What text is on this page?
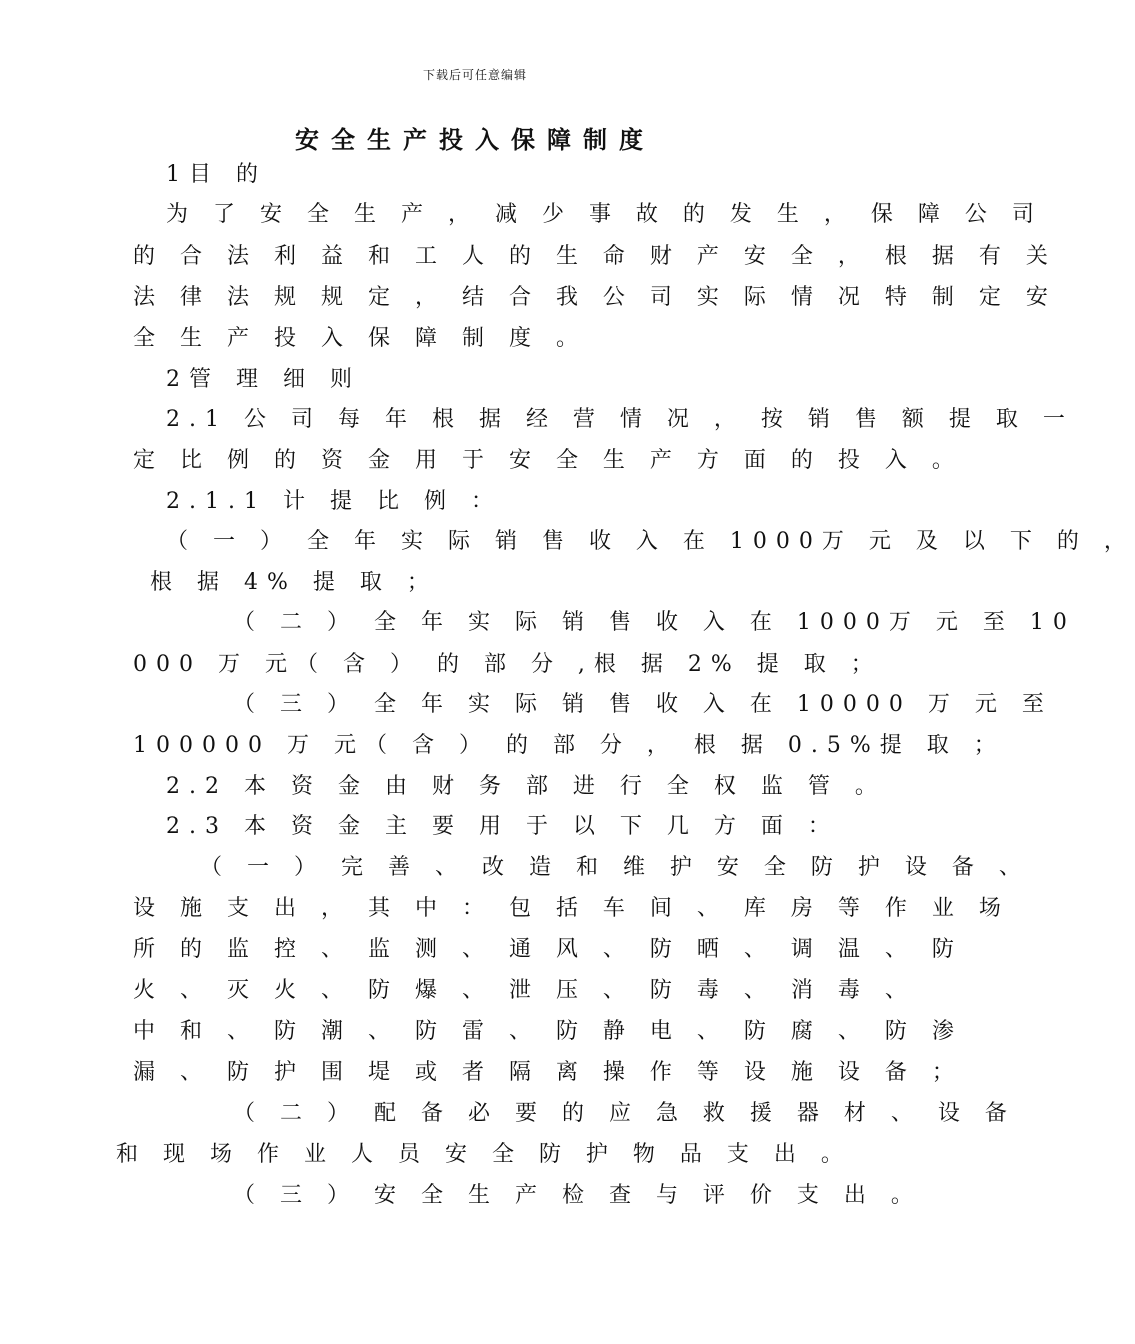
下载后可任意编辑
安全生产投入保障制度
1目 的
为 了 安 全 生 产 ， 减 少 事 故 的 发 生 ， 保 障 公 司
的 合 法 利 益 和 工 人 的 生 命 财 产 安 全 ， 根 据 有 关
法 律 法 规 规 定 ， 结 合 我 公 司 实 际 情 况 特 制 定 安
全 生 产 投 入 保 障 制 度 。
2管 理 细 则
2.1 公 司 每 年 根 据 经 营 情 况 ， 按 销 售 额 提 取 一
定 比 例 的 资 金 用 于 安 全 生 产 方 面 的 投 入 。
2.1.1 计 提 比 例 ：
（ 一 ） 全 年 实 际 销 售 收 入 在 1000万 元 及 以 下 的 ，
根 据 4% 提 取 ；
（ 二 ） 全 年 实 际 销 售 收 入 在 1000万 元 至 10
000 万 元（ 含 ） 的 部 分 ,根 据 2% 提 取 ；
（ 三 ） 全 年 实 际 销 售 收 入 在 10000 万 元 至
100000 万 元（ 含 ） 的 部 分 ， 根 据 0.5%提 取 ；
2.2 本 资 金 由 财 务 部 进 行 全 权 监 管 。
2.3 本 资 金 主 要 用 于 以 下 几 方 面 ：
（ 一 ） 完 善 、 改 造 和 维 护 安 全 防 护 设 备 、
设 施 支 出 ， 其 中 ： 包 括 车 间 、 库 房 等 作 业 场
所 的 监 控 、 监 测 、 通 风 、 防 晒 、 调 温 、 防
火 、 灭 火 、 防 爆 、 泄 压 、 防 毒 、 消 毒 、
中 和 、 防 潮 、 防 雷 、 防 静 电 、 防 腐 、 防 渗
漏 、 防 护 围 堤 或 者 隔 离 操 作 等 设 施 设 备 ；
（ 二 ） 配 备 必 要 的 应 急 救 援 器 材 、 设 备
和 现 场 作 业 人 员 安 全 防 护 物 品 支 出 。
（ 三 ） 安 全 生 产 检 查 与 评 价 支 出 。
